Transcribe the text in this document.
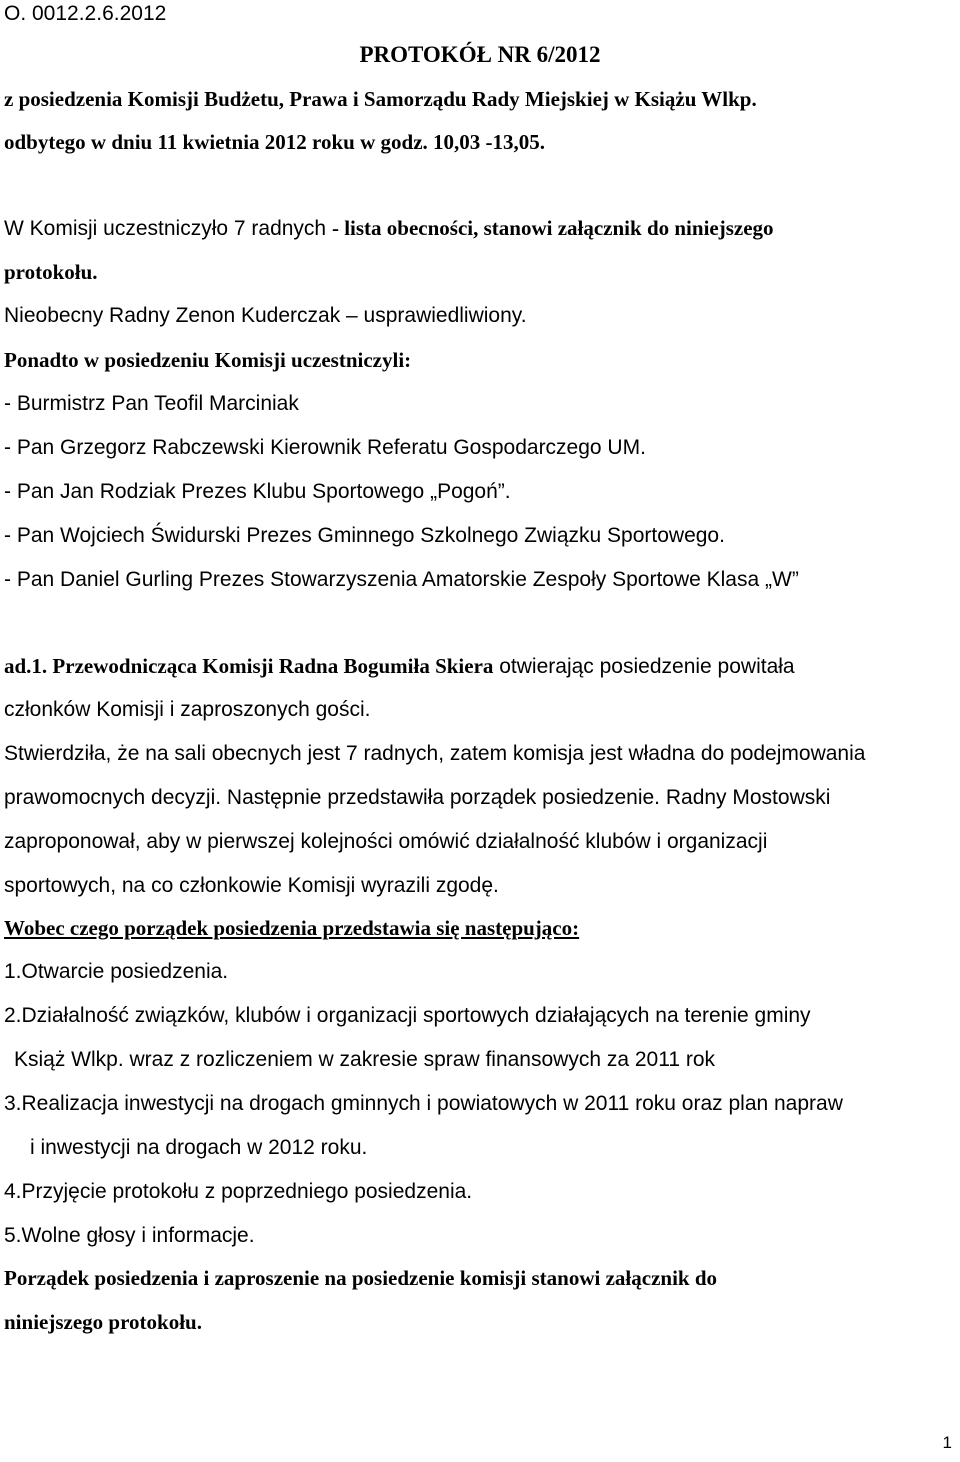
O. 0012.2.6.2012
PROTOKÓŁ NR 6/2012
z posiedzenia Komisji Budżetu, Prawa i Samorządu Rady Miejskiej w Książu Wlkp.
odbytego w dniu 11 kwietnia 2012 roku w godz. 10,03 -13,05.
W Komisji uczestniczyło 7 radnych - lista obecności, stanowi załącznik do niniejszego
protokołu.
Nieobecny Radny Zenon Kuderczak – usprawiedliwiony.
Ponadto w posiedzeniu Komisji uczestniczyli:
- Burmistrz Pan Teofil Marciniak
- Pan Grzegorz Rabczewski Kierownik Referatu Gospodarczego UM.
- Pan Jan Rodziak Prezes Klubu Sportowego „Pogoń”.
- Pan Wojciech Świdurski Prezes Gminnego Szkolnego Związku Sportowego.
- Pan Daniel Gurling Prezes Stowarzyszenia Amatorskie Zespoły Sportowe Klasa „W”
ad.1. Przewodnicząca Komisji Radna Bogumiła Skiera otwierając posiedzenie powitała
członków Komisji i zaproszonych gości.
Stwierdziła, że na sali obecnych jest 7 radnych, zatem komisja jest władna do podejmowania
prawomocnych decyzji. Następnie przedstawiła porządek posiedzenie. Radny Mostowski
zaproponował, aby w pierwszej kolejności omówić działalność klubów i organizacji
sportowych, na co członkowie Komisji wyrazili zgodę.
Wobec czego porządek posiedzenia przedstawia się następująco:
1.Otwarcie posiedzenia.
2.Działalność związków, klubów i organizacji sportowych działających na terenie gminy
Książ Wlkp. wraz z rozliczeniem w zakresie spraw finansowych za 2011 rok
3.Realizacja inwestycji na drogach gminnych i powiatowych w 2011 roku oraz plan napraw
i inwestycji na drogach w 2012 roku.
4.Przyjęcie protokołu z poprzedniego posiedzenia.
5.Wolne głosy i informacje.
Porządek posiedzenia i zaproszenie na posiedzenie komisji stanowi załącznik do
niniejszego protokołu.
1
